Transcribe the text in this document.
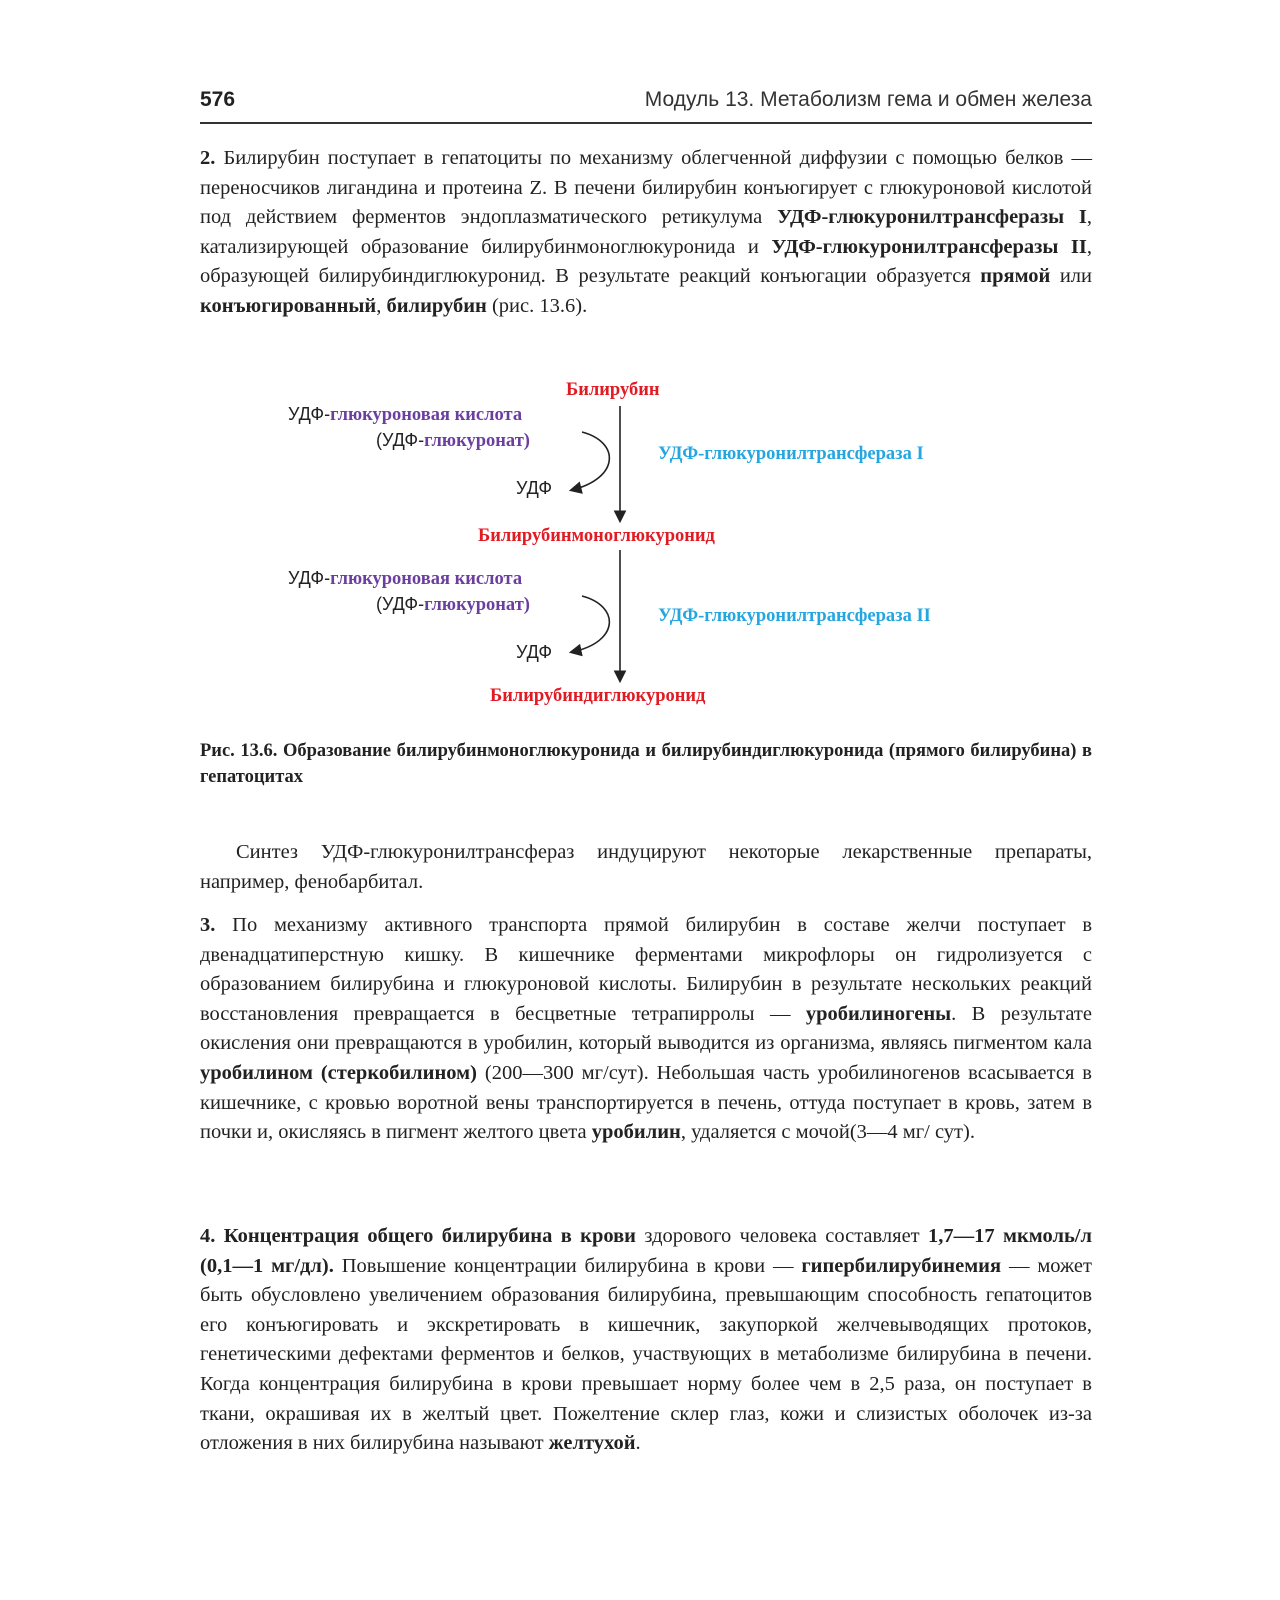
576	Модуль 13. Метаболизм гема и обмен железа

2. Билирубин поступает в гепатоциты по механизму облегченной диффузии с помощью белков — переносчиков лигандина и протеина Z. В печени билирубин конъюгирует с глюкуроновой кислотой под действием ферментов эндоплазматического ретикулума УДФ-глюкуронилтрансферазы I, катализирующей образование билирубинмоноглюкуронида и УДФ-глюкуронилтрансферазы II, образующей билирубиндиглюкуронид. В результате реакций конъюгации образуется прямой или конъюгированный, билирубин (рис. 13.6).

Билирубин
УДФ-глюкуроновая кислота
(УДФ-глюкуронат)
УДФ
УДФ-глюкуронилтрансфераза I
Билирубинмоноглюкуронид
УДФ-глюкуроновая кислота
(УДФ-глюкуронат)
УДФ
УДФ-глюкуронилтрансфераза II
Билирубиндиглюкуронид

Рис. 13.6. Образование билирубинмоноглюкуронида и билирубиндиглюкуронида (прямого билирубина) в гепатоцитах

Синтез УДФ-глюкуронилтрансфераз индуцируют некоторые лекарственные препараты, например, фенобарбитал.

3. По механизму активного транспорта прямой билирубин в составе желчи поступает в двенадцатиперстную кишку. В кишечнике ферментами микрофлоры он гидролизуется с образованием билирубина и глюкуроновой кислоты. Билирубин в результате нескольких реакций восстановления превращается в бесцветные тетрапирролы — уробилиногены. В результате окисления они превращаются в уробилин, который выводится из организма, являясь пигментом кала уробилином (стеркобилином) (200—300 мг/сут). Небольшая часть уробилиногенов всасывается в кишечнике, с кровью воротной вены транспортируется в печень, оттуда поступает в кровь, затем в почки и, окисляясь в пигмент желтого цвета уробилин, удаляется с мочой(3—4 мг/ сут).

4. Концентрация общего билирубина в крови здорового человека составляет 1,7—17 мкмоль/л (0,1—1 мг/дл). Повышение концентрации билирубина в крови — гипербилирубинемия — может быть обусловлено увеличением образования билирубина, превышающим способность гепатоцитов его конъюгировать и экскретировать в кишечник, закупоркой желчевыводящих протоков, генетическими дефектами ферментов и белков, участвующих в метаболизме билирубина в печени. Когда концентрация билирубина в крови превышает норму более чем в 2,5 раза, он поступает в ткани, окрашивая их в желтый цвет. Пожелтение склер глаз, кожи и слизистых оболочек из-за отложения в них билирубина называют желтухой.
